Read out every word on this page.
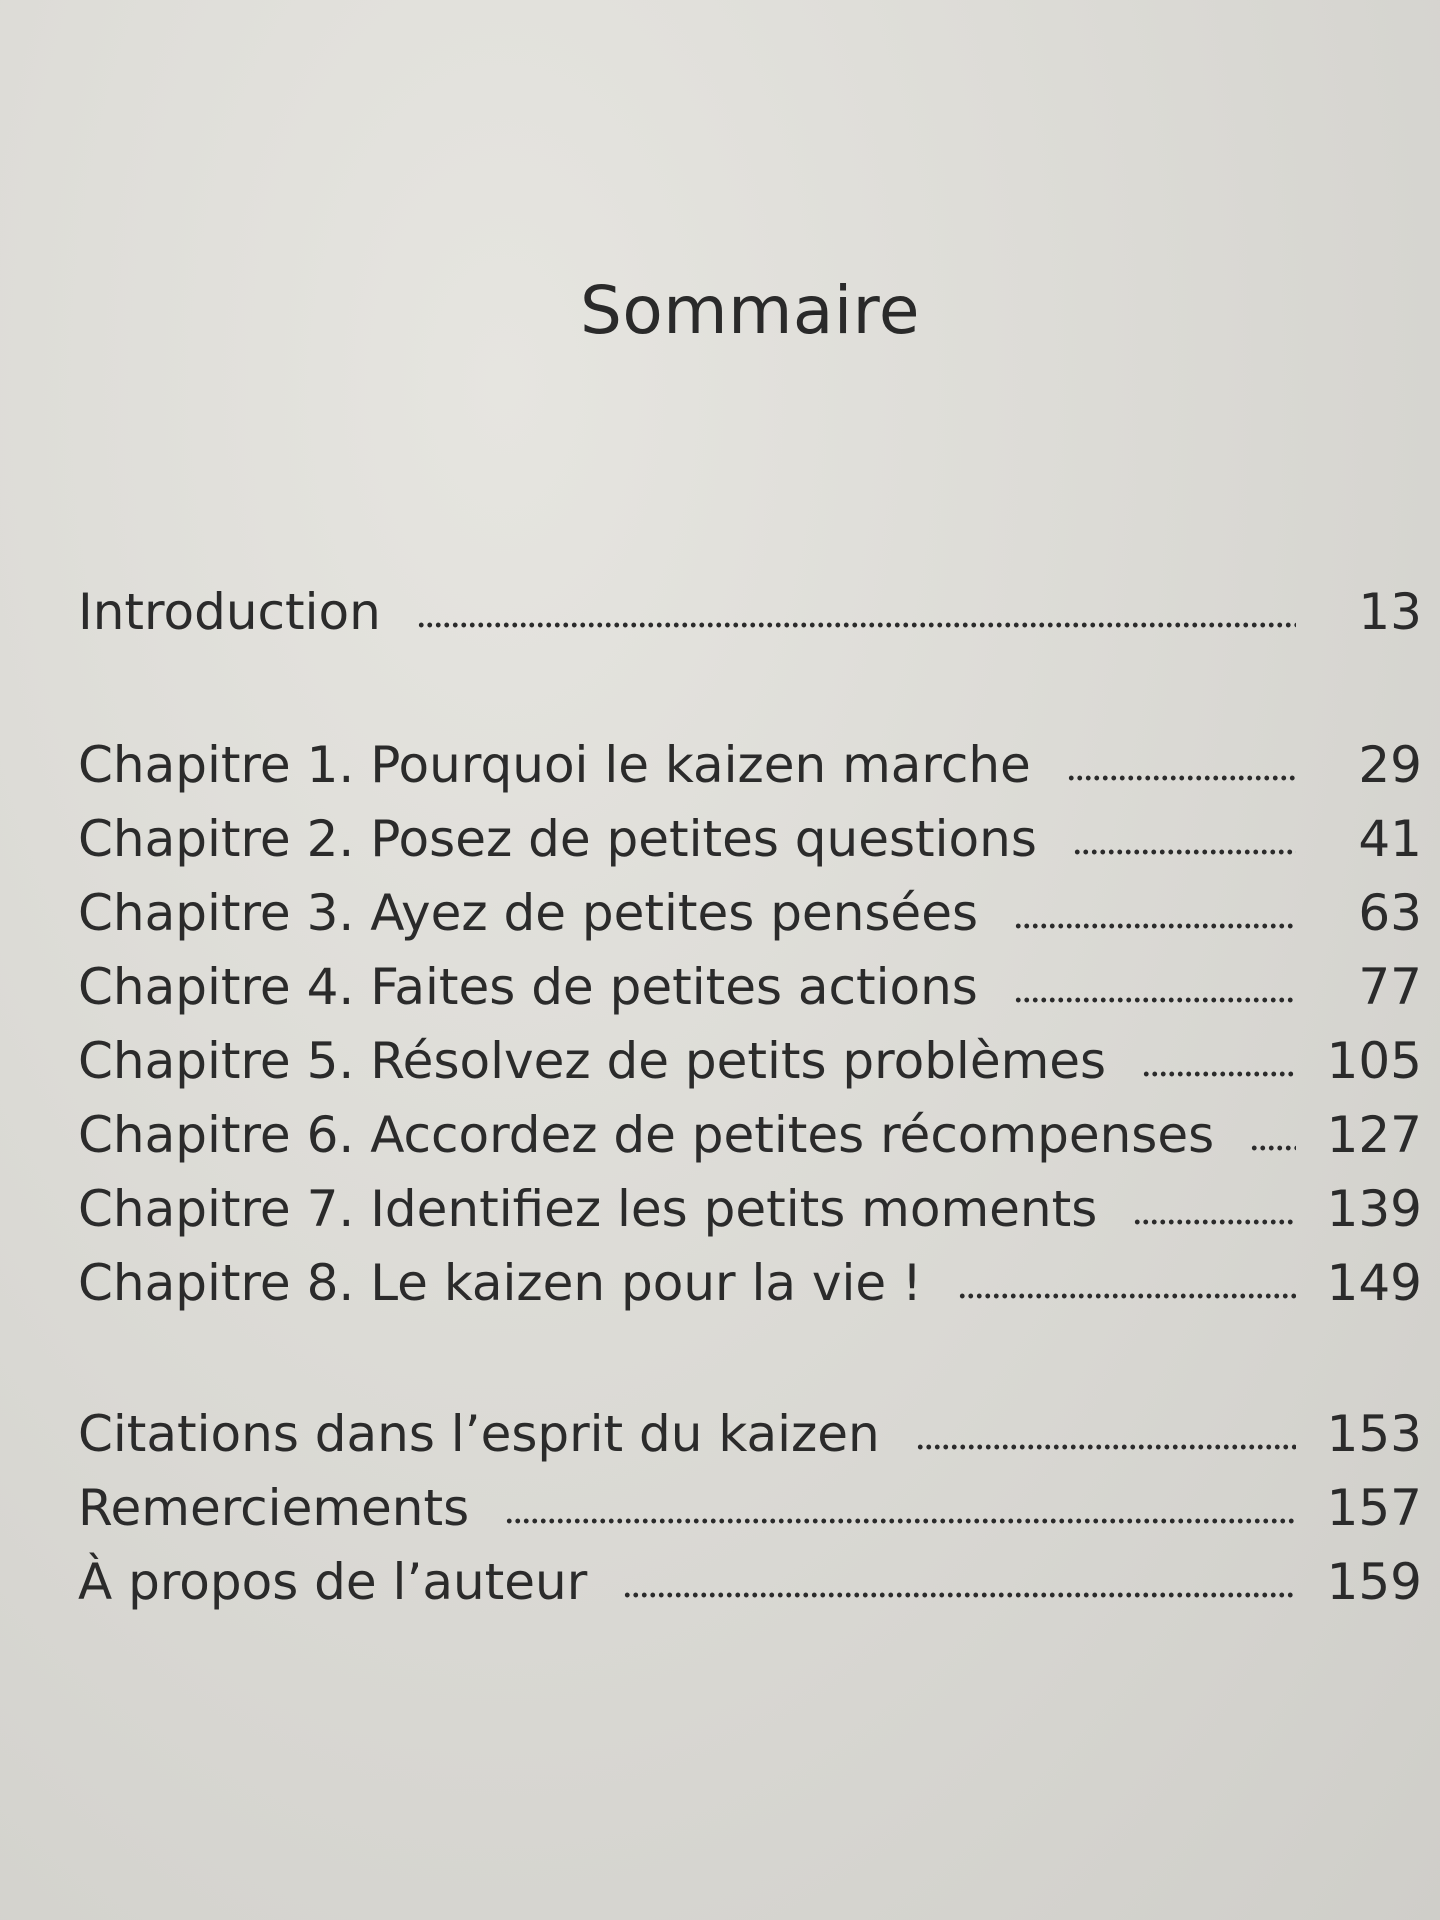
Sommaire
Introduction	13
Chapitre 1. Pourquoi le kaizen marche	29
Chapitre 2. Posez de petites questions	41
Chapitre 3. Ayez de petites pensées	63
Chapitre 4. Faites de petites actions	77
Chapitre 5. Résolvez de petits problèmes	105
Chapitre 6. Accordez de petites récompenses 127
Chapitre 7. Identifiez les petits moments	139
Chapitre 8. Le kaizen pour la vie !	149
Citations dans l’esprit du kaizen	153
Remerciements	157
À propos de l’auteur	159
